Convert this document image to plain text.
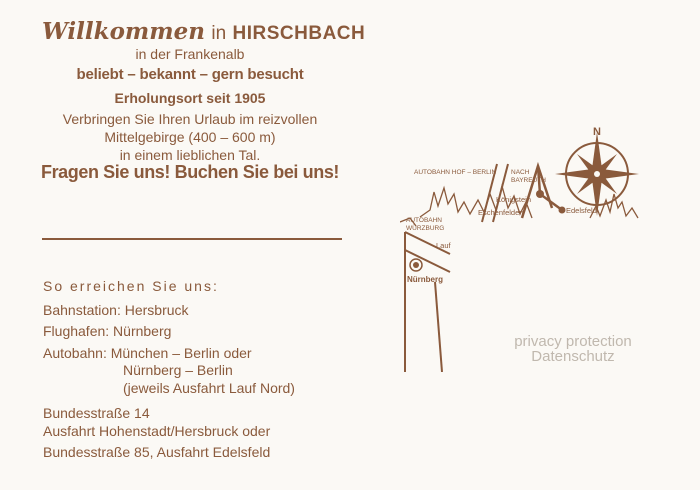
Willkommen in HIRSCHBACH
in der Frankenalb
beliebt – bekannt – gern besucht
Erholungsort seit 1905
Verbringen Sie Ihren Urlaub im reizvollen
Mittelgebirge (400 – 600 m)
in einem lieblichen Tal.
Fragen Sie uns! Buchen Sie bei uns!
So erreichen Sie uns:
Bahnstation: Hersbruck
Flughafen: Nürnberg
Autobahn: München – Berlin oder
Nürnberg – Berlin
(jeweils Ausfahrt Lauf Nord)
Bundesstraße 14
Ausfahrt Hohenstadt/Hersbruck oder
Bundesstraße 85, Ausfahrt Edelsfeld
N
AUTOBAHN HOF – BERLIN NACH
BAYREUTH
Königstein
Eschenfelden	Edelsfeld
AUTOBAHN
WÜRZBURG
Lauf
Nürnberg
privacy protection
Datenschutz
